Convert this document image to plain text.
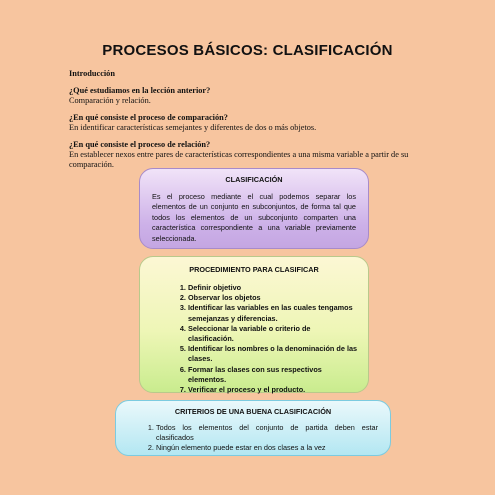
PROCESOS BÁSICOS: CLASIFICACIÓN
Introducción
¿Qué estudiamos en la lección anterior?
Comparación y relación.
¿En qué consiste el proceso de comparación?
En identificar características semejantes y diferentes de dos o más objetos.
¿En qué consiste el proceso de relación?
En establecer nexos entre pares de características correspondientes a una misma variable a partir de su comparación.
CLASIFICACIÓN
Es el proceso mediante el cual podemos separar los elementos de un conjunto en subconjuntos, de forma tal que todos los elementos de un subconjunto comparten una característica correspondiente a una variable previamente seleccionada.
PROCEDIMIENTO PARA CLASIFICAR
1. Definir objetivo
2. Observar los objetos
3. Identificar las variables en las cuales tengamos semejanzas y diferencias.
4. Seleccionar la variable o criterio de clasificación.
5. Identificar los nombres o la denominación de las clases.
6. Formar las clases con sus respectivos elementos.
7. Verificar el proceso y el producto.
CRITERIOS DE UNA BUENA CLASIFICACIÓN
1. Todos los elementos del conjunto de partida deben estar clasificados
2. Ningún elemento puede estar en dos clases a la vez
